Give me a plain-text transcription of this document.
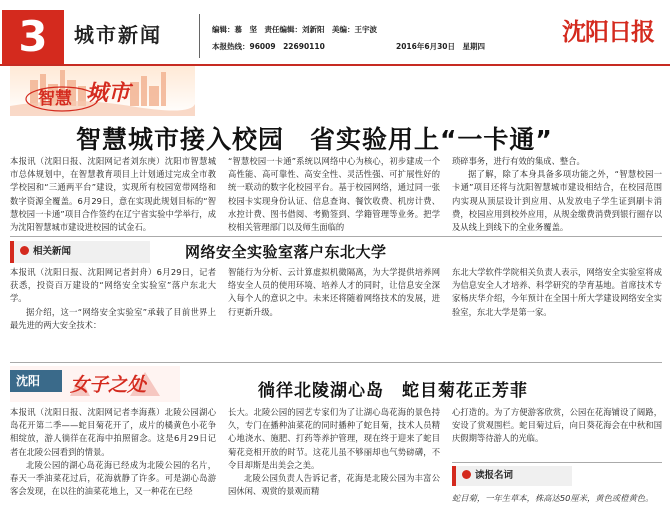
3	城市新闻	编辑：慕　坚　责任编辑：刘新阳　美编：王宇波
本报热线：96009　22690110	2016年6月30日　星期四
沈阳日报
智慧 城市
智慧城市接入校园　省实验用上“一卡通”
本报讯（沈阳日报、沈阳网记者刘东庚）沈阳市智慧城市总体规划中，在智慧教育项目上计划通过完成全市教学校园和“三通两平台”建设，实现所有校园宽带网络和数字资源全覆盖。6月29日，意在实现此规划目标的“智慧校园一卡通”项目合作签约在辽宁省实验中学举行，成为沈阳智慧城市建设进校园的试金石。
“智慧校园一卡通”系统以网络中心为核心，初步建成一个高性能、高可靠性、高安全性、灵活性强、可扩展性好的统一联动的数字化校园平台。基于校园网络，通过同一张校园卡实现身份认证、信息查询、餐饮收费、机房计费、水控计费、图书借阅、考勤签到、学籍管理等业务。把学校相关管理部门以及师生面临的
琐碎事务，进行有效的集成、整合。
据了解，除了本身具备多项功能之外，“智慧校园一卡通”项目还将与沈阳智慧城市建设相结合，在校园范围内实现从顶层设计到应用、从发放电子学生证到刷卡消费，校园应用到校外应用，从规金缴费消费到银行圈存以及从线上到线下的全业务覆盖。
相关新闻	网络安全实验室落户东北大学
本报讯（沈阳日报、沈阳网记者封舟）6月29日，记者获悉，投资百万建设的“网络安全实验室”落户东北大学。
据介绍，这一“网络安全实验室”承载了目前世界上最先进的两大安全技术：
智能行为分析、云计算虚拟机微隔离，为大学提供培养网络安全人员的使用环境、培养人才的同时，让信息安全深入每个人的意识之中。未来还将随着网络技术的发展，进行更新升级。
东北大学软件学院相关负责人表示，网络安全实验室将成为信息安全人才培养、科学研究的孕育基地。首席技术专家杨庆华介绍，今年预计在全国十所大学建设网络安全实验室，东北大学是第一家。
沈阳 女子之处	徜徉北陵湖心岛　蛇目菊花正芳菲
本报讯（沈阳日报、沈阳网记者李海燕）北陵公园湖心岛花开第二季——蛇目菊花开了，成片的橘黄色小花争相绽放，游人徜徉在花海中拍照留念。这是6月29日记者在北陵公园看到的情景。
北陵公园的湖心岛花海已经成为北陵公园的名片，春天一季油菜花过后，花海就静了许多。可是湖心岛游客会发现，在以往的油菜花地上，又一种花在已经
长大。北陵公园的园艺专家们为了让湖心岛花海的景色持久，专门在播种油菜花的同时播种了蛇目菊，技术人员精心地浇水、施肥、打药等养护管理，现在终于迎来了蛇目菊花竞相开放的时节。这花儿虽不够丽却也气势磅礴，不令目却斯是出美会之美。
北陵公园负责人告诉记者，花海是北陵公园为丰富公园休闲、观赏的景观而精
心打造的。为了方便游客欣赏，公园在花海铺设了阔路，安设了赏观围栏。蛇目菊过后，向日葵花海会在中秋和国庆假期等待游人的光临。
读报名词
蛇目菊，一年生草本，株高达50厘米，黄色或橙黄色。
